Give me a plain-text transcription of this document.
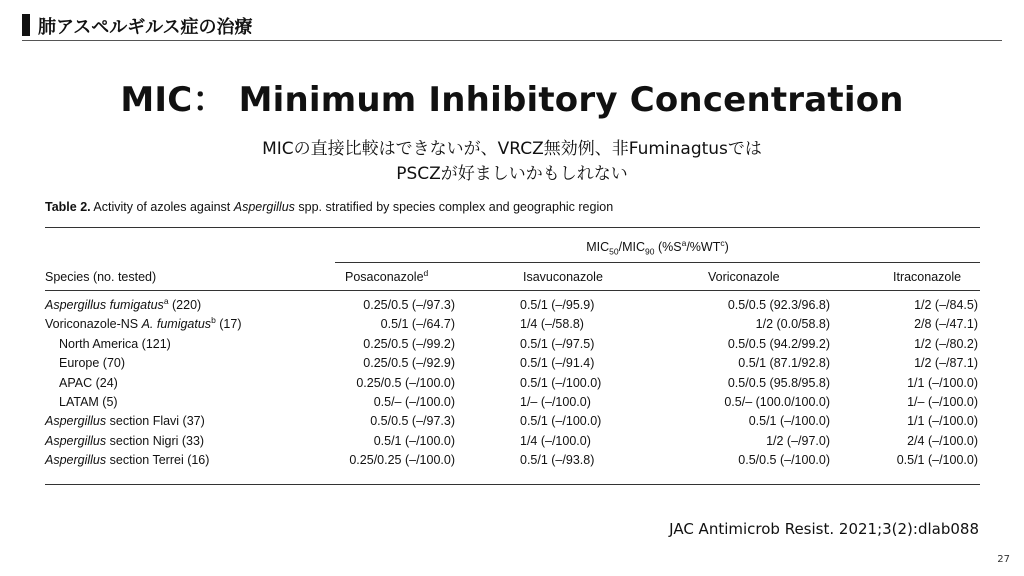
肺アスペルギルス症の治療
MIC： Minimum Inhibitory Concentration
MICの直接比較はできないが、VRCZ無効例、非Fuminagtusでは
PSCZが好ましいかもしれない
Table 2. Activity of azoles against Aspergillus spp. stratified by species complex and geographic region
$MIC_{50}/MIC_{90}$ $(\%S^a/\%WT^c)$
Species (no. tested)	Posaconazole$^d$	Isavuconazole	Voriconazole	Itraconazole
Aspergillus fumigatus$^a$ (220)	0.25/0.5 (–/97.3)	0.5/1 (–/95.9)	0.5/0.5 (92.3/96.8)	1/2 (–/84.5)
Voriconazole-NS A. fumigatus$^b$ (17)	0.5/1 (–/64.7)	1/4 (–/58.8)	1/2 (0.0/58.8)	2/8 (–/47.1)
North America (121)	0.25/0.5 (–/99.2)	0.5/1 (–/97.5)	0.5/0.5 (94.2/99.2)	1/2 (–/80.2)
Europe (70)	0.25/0.5 (–/92.9)	0.5/1 (–/91.4)	0.5/1 (87.1/92.8)	1/2 (–/87.1)
APAC (24)	0.25/0.5 (–/100.0)	0.5/1 (–/100.0)	0.5/0.5 (95.8/95.8)	1/1 (–/100.0)
LATAM (5)	0.5/– (–/100.0)	1/– (–/100.0)	0.5/– (100.0/100.0)	1/– (–/100.0)
Aspergillus section Flavi (37)	0.5/0.5 (–/97.3)	0.5/1 (–/100.0)	0.5/1 (–/100.0)	1/1 (–/100.0)
Aspergillus section Nigri (33)	0.5/1 (–/100.0)	1/4 (–/100.0)	1/2 (–/97.0)	2/4 (–/100.0)
Aspergillus section Terrei (16)	0.25/0.25 (–/100.0)	0.5/1 (–/93.8)	0.5/0.5 (–/100.0)	0.5/1 (–/100.0)
JAC Antimicrob Resist. 2021;3(2):dlab088
27
